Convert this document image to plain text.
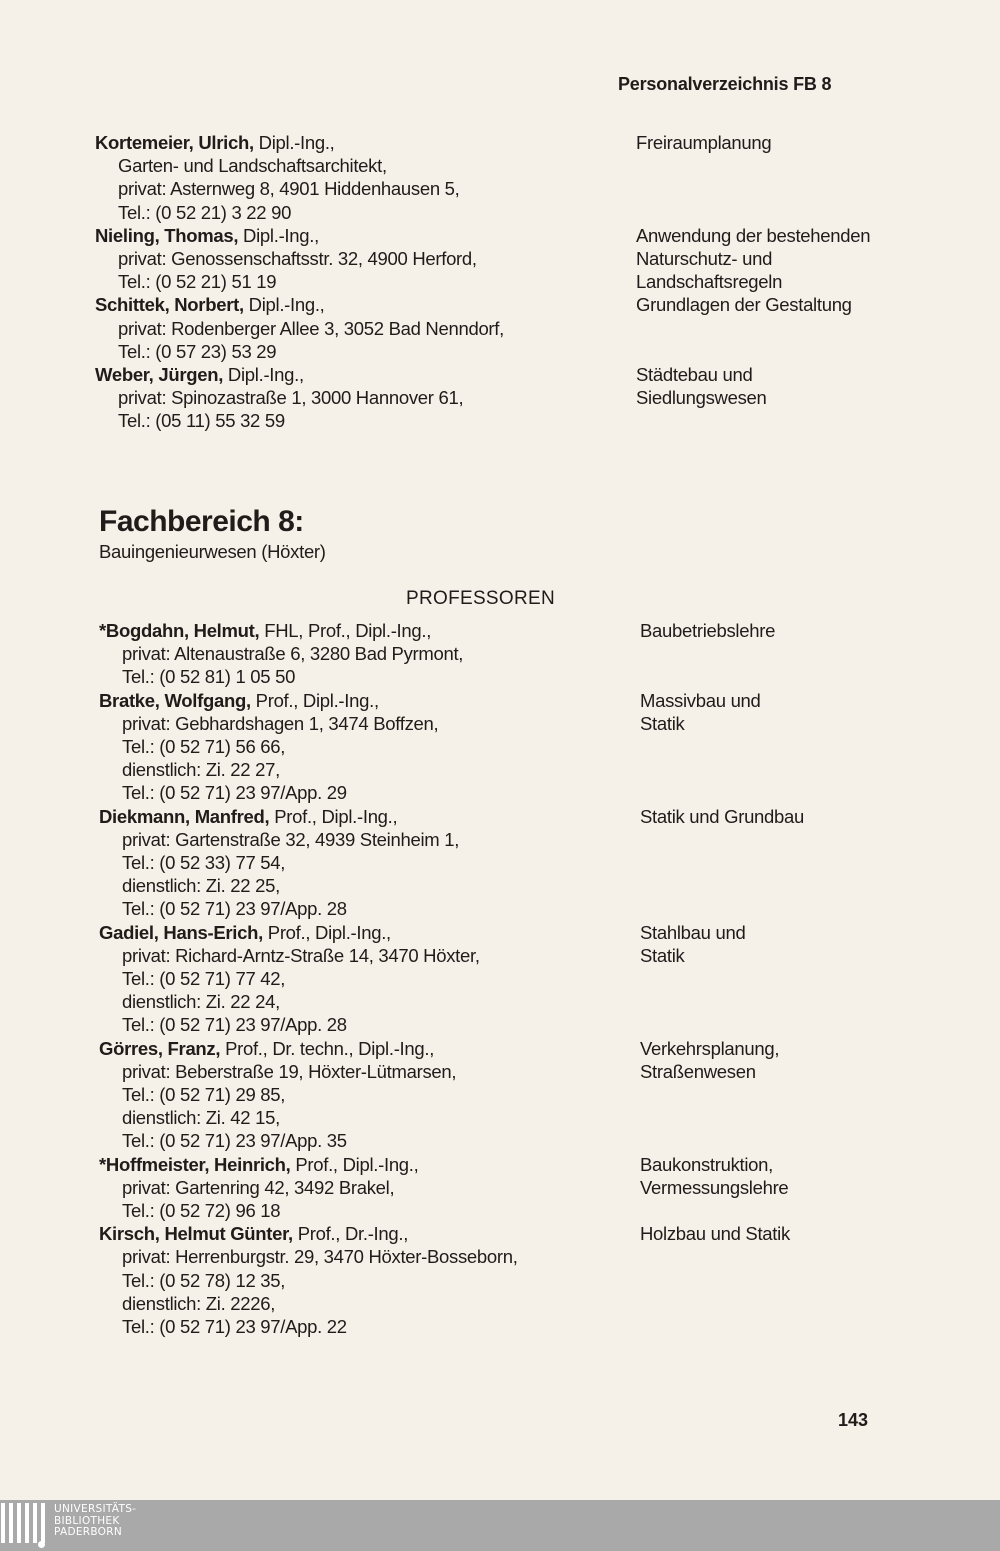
Personalverzeichnis FB 8
Kortemeier, Ulrich, Dipl.-Ing.,
Garten- und Landschaftsarchitekt,
privat: Asternweg 8, 4901 Hiddenhausen 5,
Tel.: (0 52 21) 3 22 90
Freiraumplanung
Nieling, Thomas, Dipl.-Ing.,
privat: Genossenschaftsstr. 32, 4900 Herford,
Tel.: (0 52 21) 51 19
Anwendung der bestehenden
Naturschutz- und
Landschaftsregeln
Schittek, Norbert, Dipl.-Ing.,
privat: Rodenberger Allee 3, 3052 Bad Nenndorf,
Tel.: (0 57 23) 53 29
Grundlagen der Gestaltung
Weber, Jürgen, Dipl.-Ing.,
privat: Spinozastraße 1, 3000 Hannover 61,
Tel.: (05 11) 55 32 59
Städtebau und
Siedlungswesen
Fachbereich 8:
Bauingenieurwesen (Höxter)
PROFESSOREN
*Bogdahn, Helmut, FHL, Prof., Dipl.-Ing.,
privat: Altenaustraße 6, 3280 Bad Pyrmont,
Tel.: (0 52 81) 1 05 50
Baubetriebslehre
Bratke, Wolfgang, Prof., Dipl.-Ing.,
privat: Gebhardshagen 1, 3474 Boffzen,
Tel.: (0 52 71) 56 66,
dienstlich: Zi. 22 27,
Tel.: (0 52 71) 23 97/App. 29
Massivbau und
Statik
Diekmann, Manfred, Prof., Dipl.-Ing.,
privat: Gartenstraße 32, 4939 Steinheim 1,
Tel.: (0 52 33) 77 54,
dienstlich: Zi. 22 25,
Tel.: (0 52 71) 23 97/App. 28
Statik und Grundbau
Gadiel, Hans-Erich, Prof., Dipl.-Ing.,
privat: Richard-Arntz-Straße 14, 3470 Höxter,
Tel.: (0 52 71) 77 42,
dienstlich: Zi. 22 24,
Tel.: (0 52 71) 23 97/App. 28
Stahlbau und
Statik
Görres, Franz, Prof., Dr. techn., Dipl.-Ing.,
privat: Beberstraße 19, Höxter-Lütmarsen,
Tel.: (0 52 71) 29 85,
dienstlich: Zi. 42 15,
Tel.: (0 52 71) 23 97/App. 35
Verkehrsplanung,
Straßenwesen
*Hoffmeister, Heinrich, Prof., Dipl.-Ing.,
privat: Gartenring 42, 3492 Brakel,
Tel.: (0 52 72) 96 18
Baukonstruktion,
Vermessungslehre
Kirsch, Helmut Günter, Prof., Dr.-Ing.,
privat: Herrenburgstr. 29, 3470 Höxter-Bosseborn,
Tel.: (0 52 78) 12 35,
dienstlich: Zi. 2226,
Tel.: (0 52 71) 23 97/App. 22
Holzbau und Statik
143
UNIVERSITÄTS-
BIBLIOTHEK
PADERBORN
